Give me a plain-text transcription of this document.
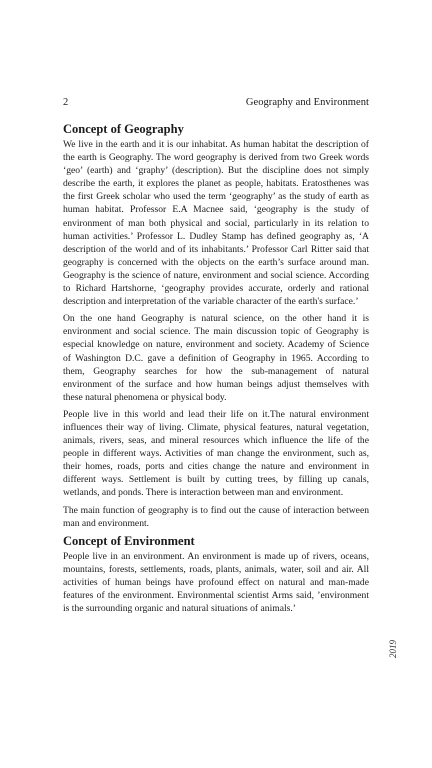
2	Geography and Environment
Concept of Geography

We live in the earth and it is our inhabitat. As human habitat the description of the earth is Geography. The word geography is derived from two Greek words ‘geo’ (earth) and ‘graphy’ (description). But the discipline does not simply describe the earth, it explores the planet as people, habitats. Eratosthenes was the first Greek scholar who used the term ‘geography’ as the study of earth as human habitat. Professor E.A Macnee said, ‘geography is the study of environment of man both physical and social, particularly in its relation to human activities.’ Professor L. Dudley Stamp has defined geography as, ‘A description of the world and of its inhabitants.’ Professor Carl Ritter said that geography is concerned with the objects on the earth’s surface around man. Geography is the science of nature, environment and social science. According to Richard Hartshorne, ‘geography provides accurate, orderly and rational description and interpretation of the variable character of the earth's surface.’

On the one hand Geography is natural science, on the other hand it is environment and social science. The main discussion topic of Geography is especial knowledge on nature, environment and society. Academy of Science of Washington D.C. gave a definition of Geography in 1965. According to them, Geography searches for how the sub-management of natural environment of the surface and how human beings adjust themselves with these natural phenomena or physical body.

People live in this world and lead their life on it.The natural environment influences their way of living. Climate, physical features, natural vegetation, animals, rivers, seas, and mineral resources which influence the life of the people in different ways. Activities of man change the environment, such as, their homes, roads, ports and cities change the nature and environment in different ways. Settlement is built by cutting trees, by filling up canals, wetlands, and ponds. There is interaction between man and environment.

The main function of geography is to find out the cause of interaction between man and environment.

Concept of Environment

People live in an environment. An environment is made up of rivers, oceans, mountains, forests, settlements, roads, plants, animals, water, soil and air. All activities of human beings have profound effect on natural and man-made features of the environment. Environmental scientist Arms said, ’environment is the surrounding organic and natural situations of animals.’

2019
